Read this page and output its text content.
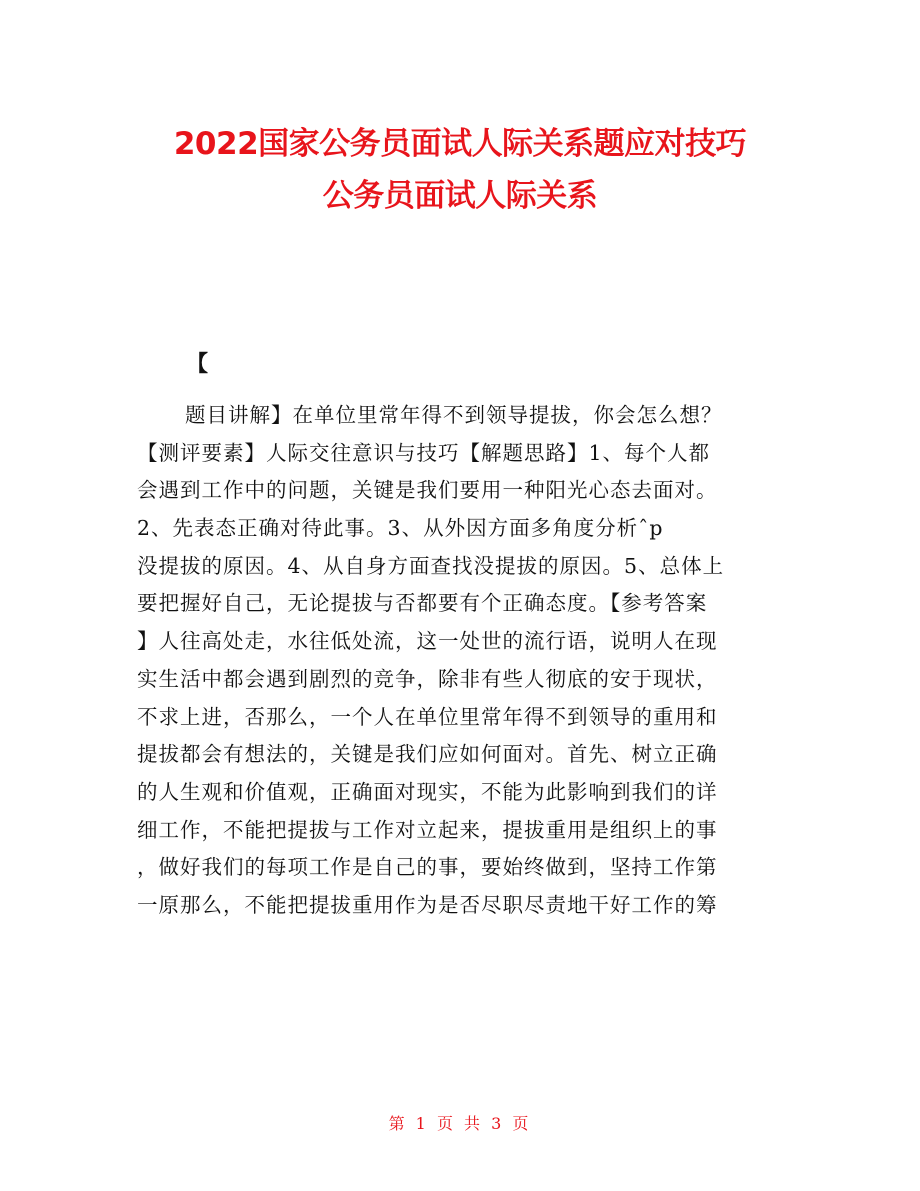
2022国家公务员面试人际关系题应对技巧
公务员面试人际关系
【
题目讲解】在单位里常年得不到领导提拔，你会怎么想？
【测评要素】人际交往意识与技巧【解题思路】1、每个人都
会遇到工作中的问题，关键是我们要用一种阳光心态去面对。
2、先表态正确对待此事。3、从外因方面多角度分析ˆp
没提拔的原因。4、从自身方面查找没提拔的原因。5、总体上
要把握好自己，无论提拔与否都要有个正确态度。【参考答案
】人往高处走，水往低处流，这一处世的流行语，说明人在现
实生活中都会遇到剧烈的竞争，除非有些人彻底的安于现状，
不求上进，否那么，一个人在单位里常年得不到领导的重用和
提拔都会有想法的，关键是我们应如何面对。首先、树立正确
的人生观和价值观，正确面对现实，不能为此影响到我们的详
细工作，不能把提拔与工作对立起来，提拔重用是组织上的事
，做好我们的每项工作是自己的事，要始终做到，坚持工作第
一原那么，不能把提拔重用作为是否尽职尽责地干好工作的筹
第 1 页 共 3 页
